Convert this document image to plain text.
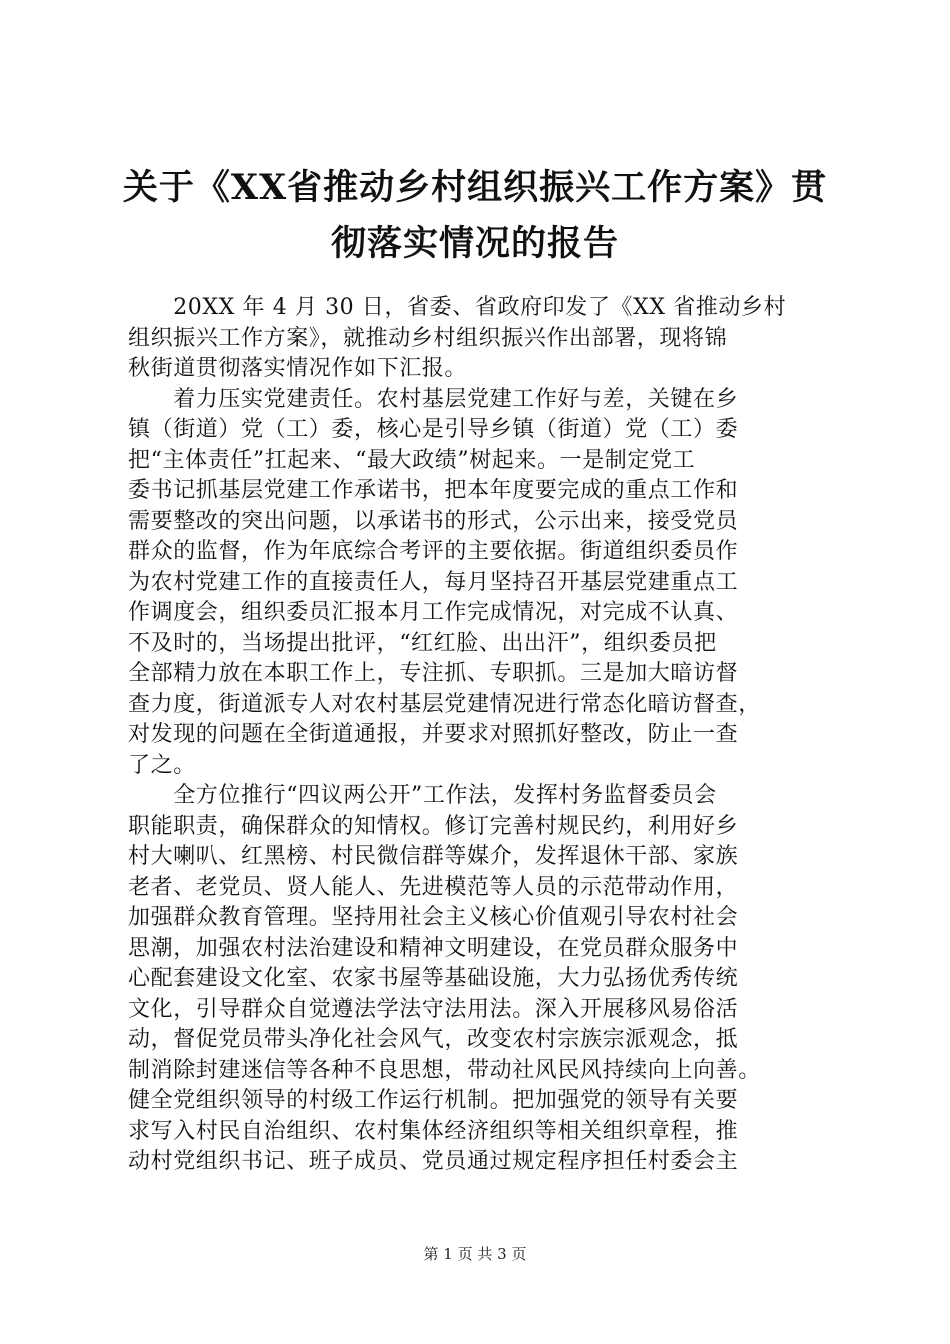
关于《XX省推动乡村组织振兴工作方案》贯
彻落实情况的报告
　　20XX 年 4 月 30 日，省委、省政府印发了《XX 省推动乡村
组织振兴工作方案》，就推动乡村组织振兴作出部署，现将锦
秋街道贯彻落实情况作如下汇报。
　　着力压实党建责任。农村基层党建工作好与差，关键在乡
镇（街道）党（工）委，核心是引导乡镇（街道）党（工）委
把“主体责任”扛起来、“最大政绩”树起来。一是制定党工
委书记抓基层党建工作承诺书，把本年度要完成的重点工作和
需要整改的突出问题，以承诺书的形式，公示出来，接受党员
群众的监督，作为年底综合考评的主要依据。街道组织委员作
为农村党建工作的直接责任人，每月坚持召开基层党建重点工
作调度会，组织委员汇报本月工作完成情况，对完成不认真、
不及时的，当场提出批评，“红红脸、出出汗”，组织委员把
全部精力放在本职工作上，专注抓、专职抓。三是加大暗访督
查力度，街道派专人对农村基层党建情况进行常态化暗访督查，
对发现的问题在全街道通报，并要求对照抓好整改，防止一查
了之。
　　全方位推行“四议两公开”工作法，发挥村务监督委员会
职能职责，确保群众的知情权。修订完善村规民约，利用好乡
村大喇叭、红黑榜、村民微信群等媒介，发挥退休干部、家族
老者、老党员、贤人能人、先进模范等人员的示范带动作用，
加强群众教育管理。坚持用社会主义核心价值观引导农村社会
思潮，加强农村法治建设和精神文明建设，在党员群众服务中
心配套建设文化室、农家书屋等基础设施，大力弘扬优秀传统
文化，引导群众自觉遵法学法守法用法。深入开展移风易俗活
动，督促党员带头净化社会风气，改变农村宗族宗派观念，抵
制消除封建迷信等各种不良思想，带动社风民风持续向上向善。
健全党组织领导的村级工作运行机制。把加强党的领导有关要
求写入村民自治组织、农村集体经济组织等相关组织章程，推
动村党组织书记、班子成员、党员通过规定程序担任村委会主
第 1 页 共 3 页
